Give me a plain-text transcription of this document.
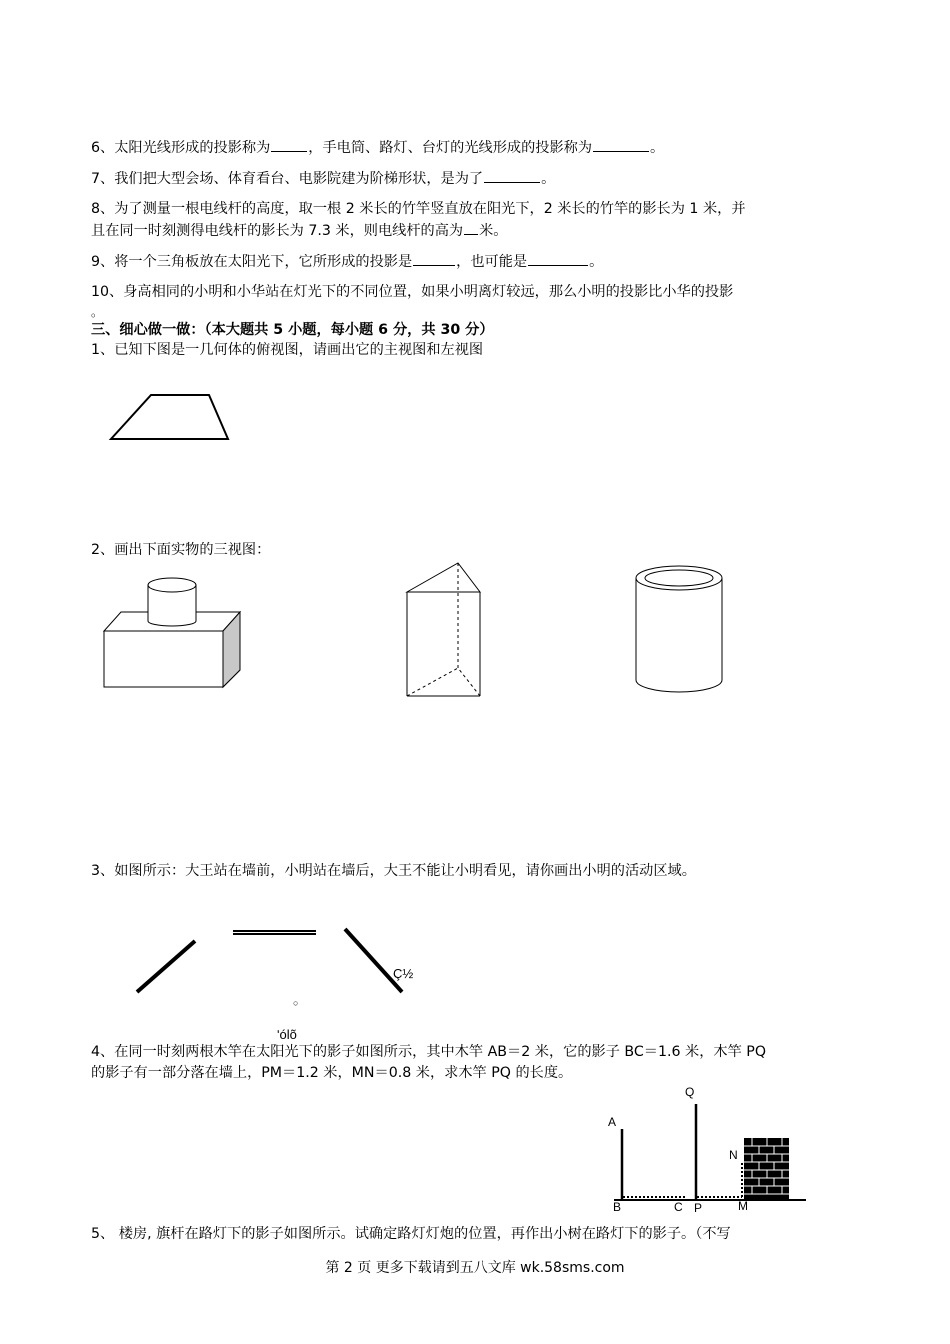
6、太阳光线形成的投影称为	，手电筒、路灯、台灯的光线形成的投影称为	。
7、我们把大型会场、体育看台、电影院建为阶梯形状，是为了	。
8、为了测量一根电线杆的高度，取一根 2 米长的竹竿竖直放在阳光下，2 米长的竹竿的影长为 1 米，并
且在同一时刻测得电线杆的影长为 7.3 米，则电线杆的高为 米。
9、将一个三角板放在太阳光下，它所形成的投影是	，也可能是	。
10、身高相同的小明和小华站在灯光下的不同位置，如果小明离灯较远，那么小明的投影比小华的投影
。
三、细心做一做：（本大题共 5 小题，每小题 6 分，共 30 分）
1、已知下图是一几何体的俯视图，请画出它的主视图和左视图
2、画出下面实物的三视图：
3、如图所示：大王站在墙前，小明站在墙后，大王不能让小明看见，请你画出小明的活动区域。
4、在同一时刻两根木竿在太阳光下的影子如图所示，其中木竿 AB＝2 米，它的影子 BC＝1.6 米，木竿 PQ
的影子有一部分落在墙上，PM＝1.2 米，MN＝0.8 米，求木竿 PQ 的长度。
5、 楼房, 旗杆在路灯下的影子如图所示。试确定路灯灯炮的位置，再作出小树在路灯下的影子。（不写
Ç½
○
ʹólõ
A
B	C P
Q
M
N
第 2 页 更多下载请到五八文库 wk.58sms.com
